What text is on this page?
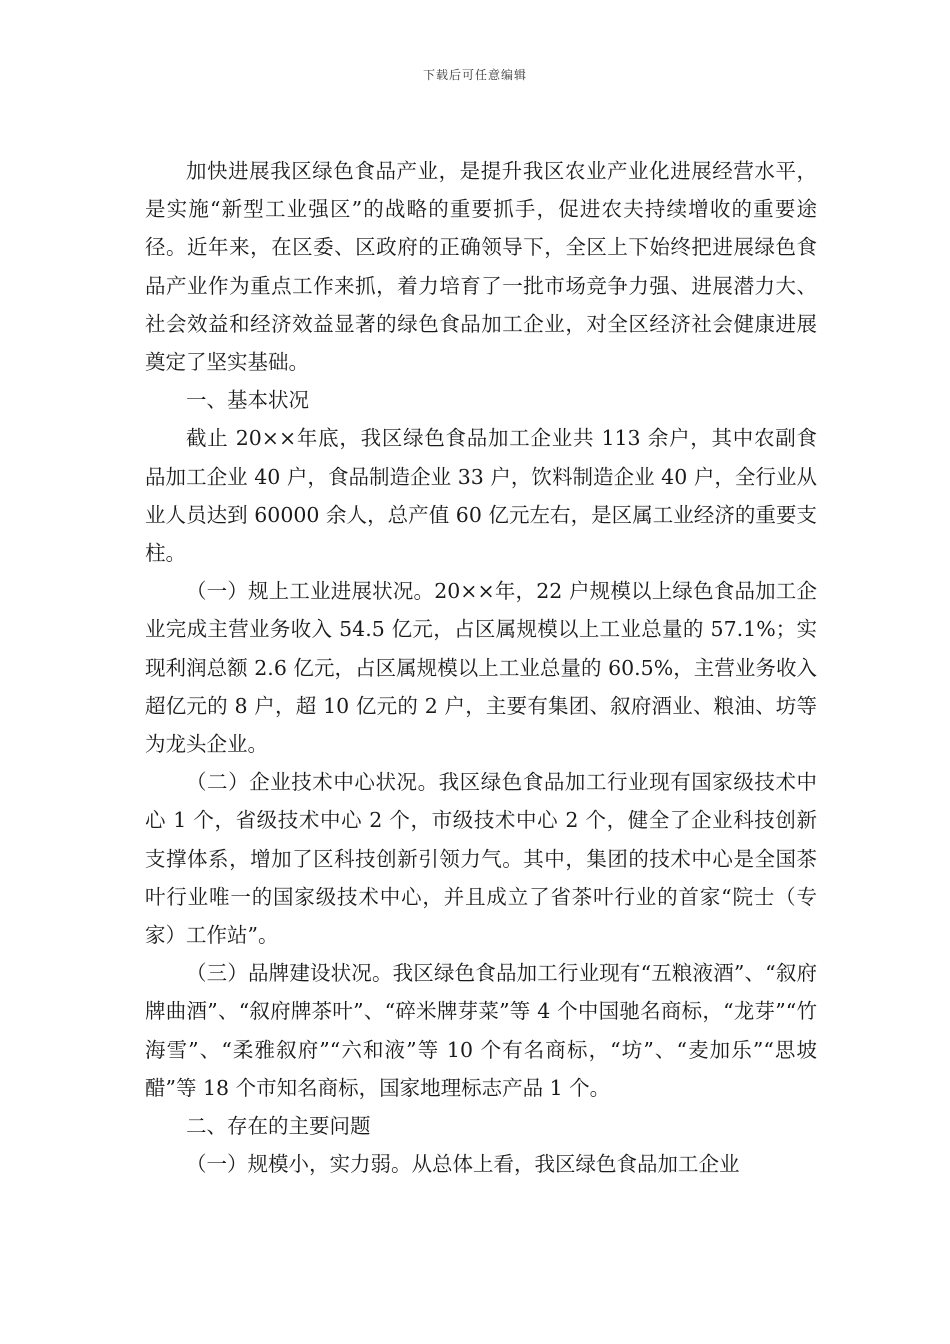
下载后可任意编辑

加快进展我区绿色食品产业，是提升我区农业产业化进展经营水平，是实施“新型工业强区”的战略的重要抓手，促进农夫持续增收的重要途径。近年来，在区委、区政府的正确领导下，全区上下始终把进展绿色食品产业作为重点工作来抓，着力培育了一批市场竞争力强、进展潜力大、社会效益和经济效益显著的绿色食品加工企业，对全区经济社会健康进展奠定了坚实基础。

一、基本状况

截止 20××年底，我区绿色食品加工企业共 113 余户，其中农副食品加工企业 40 户，食品制造企业 33 户，饮料制造企业 40 户，全行业从业人员达到 60000 余人，总产值 60 亿元左右，是区属工业经济的重要支柱。

（一）规上工业进展状况。20××年，22 户规模以上绿色食品加工企业完成主营业务收入 54.5 亿元，占区属规模以上工业总量的 57.1%；实现利润总额 2.6 亿元，占区属规模以上工业总量的 60.5%，主营业务收入超亿元的 8 户，超 10 亿元的 2 户，主要有集团、叙府酒业、粮油、坊等为龙头企业。

（二）企业技术中心状况。我区绿色食品加工行业现有国家级技术中心 1 个，省级技术中心 2 个，市级技术中心 2 个，健全了企业科技创新支撑体系，增加了区科技创新引领力气。其中，集团的技术中心是全国茶叶行业唯一的国家级技术中心，并且成立了省茶叶行业的首家“院士（专家）工作站”。

（三）品牌建设状况。我区绿色食品加工行业现有“五粮液酒”、“叙府牌曲酒”、“叙府牌茶叶”、“碎米牌芽菜”等 4 个中国驰名商标，“龙芽”“竹海雪”、“柔雅叙府”“六和液”等 10 个有名商标，“坊”、“麦加乐”“思坡醋”等 18 个市知名商标，国家地理标志产品 1 个。

二、存在的主要问题

（一）规模小，实力弱。从总体上看，我区绿色食品加工企业
